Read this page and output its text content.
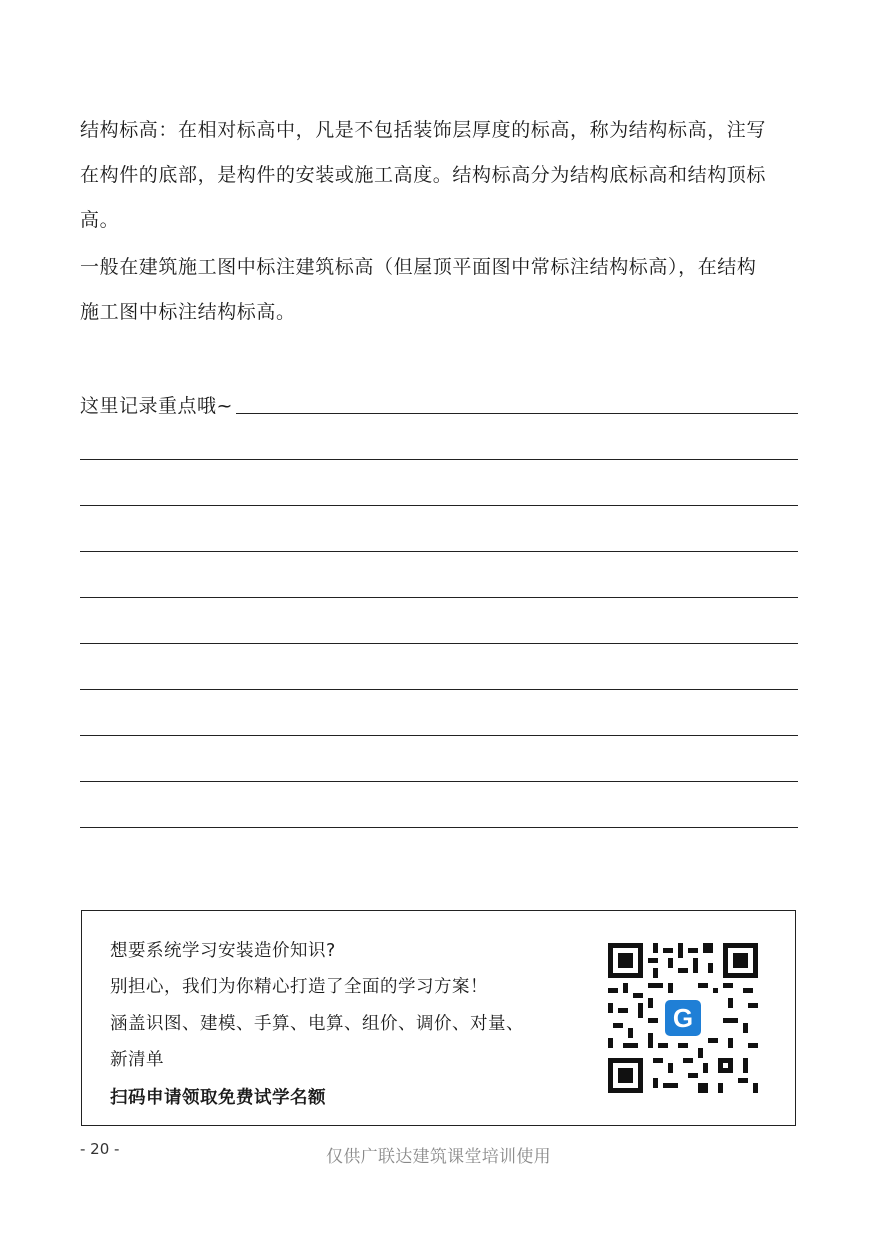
结构标高：在相对标高中，凡是不包括装饰层厚度的标高，称为结构标高，注写

在构件的底部，是构件的安装或施工高度。结构标高分为结构底标高和结构顶标

高。

一般在建筑施工图中标注建筑标高（但屋顶平面图中常标注结构标高），在结构

施工图中标注结构标高。

这里记录重点哦~
想要系统学习安装造价知识?
别担心，我们为你精心打造了全面的学习方案！
涵盖识图、建模、手算、电算、组价、调价、对量、
新清单
扫码申请领取免费试学名额
G
- 20 -	仅供广联达建筑课堂培训使用
